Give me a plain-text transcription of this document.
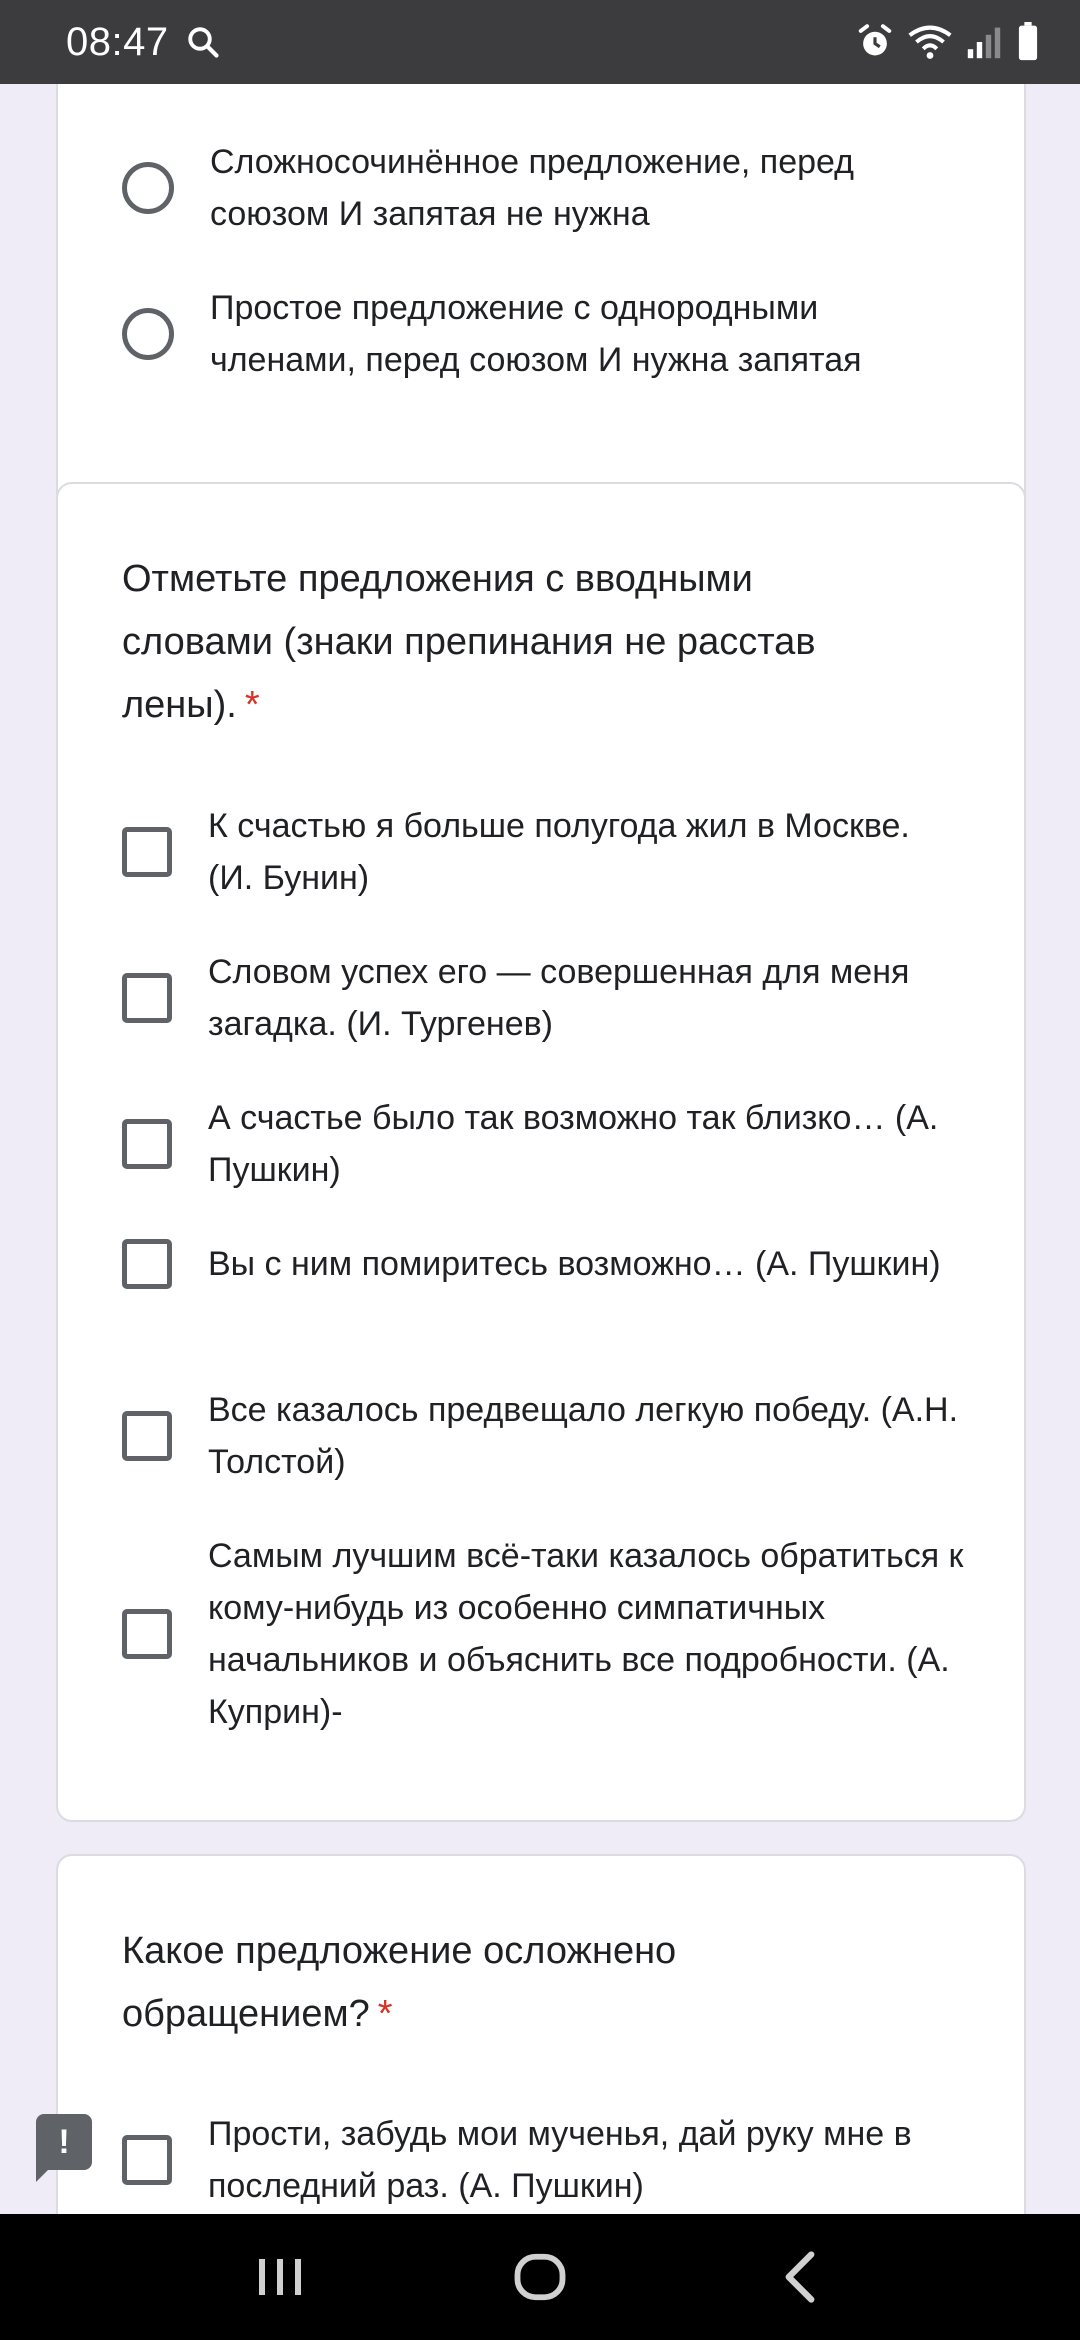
08:47
Сложносочинённое предложение, перед союзом И запятая не нужна
Простое предложение с однородными членами, перед союзом И нужна запятая
Отметьте предложения с вводными
словами (знаки препинания не расстав
лены). *
К счастью я больше полугода жил в Москве. (И. Бунин)
Словом успех его — совершенная для меня загадка. (И. Тургенев)
А счастье было так возможно так близко… (А. Пушкин)
Вы с ним помиритесь возможно… (А. Пушкин)
Все казалось предвещало легкую победу. (А.Н. Толстой)
Самым лучшим всё-таки казалось обратиться к кому-нибудь из особенно симпатичных начальников и объяснить все подробности. (А. Куприн)-
Какое предложение осложнено
обращением? *
Прости, забудь мои мученья, дай руку мне в последний раз. (А. Пушкин)
!
